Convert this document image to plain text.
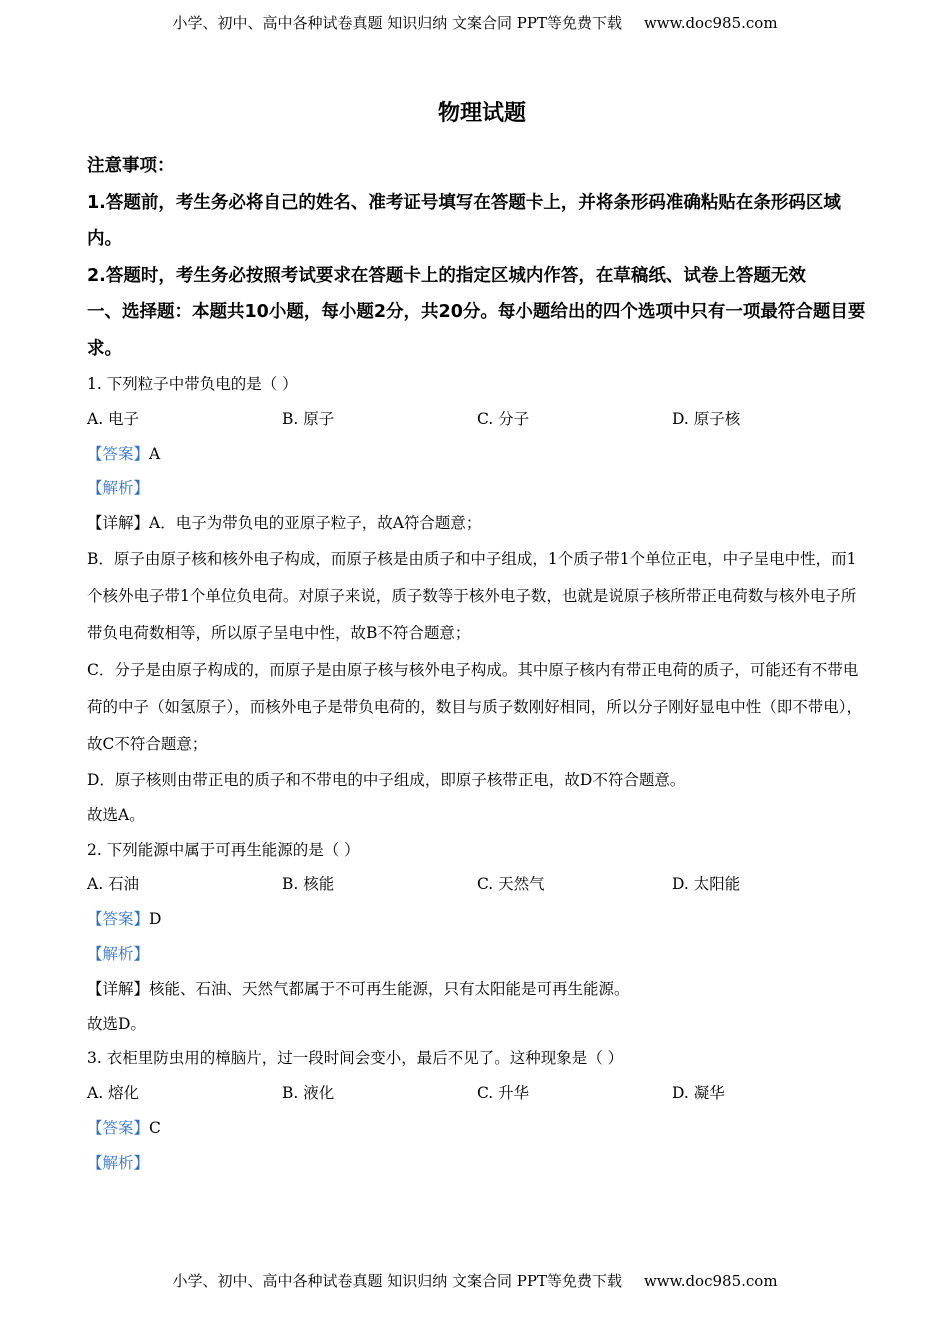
小学、初中、高中各种试卷真题 知识归纳 文案合同 PPT等免费下载 www.doc985.com
物理试题
注意事项：
1.答题前，考生务必将自己的姓名、准考证号填写在答题卡上，并将条形码准确粘贴在条形码区域内。
2.答题时，考生务必按照考试要求在答题卡上的指定区城内作答，在草稿纸、试卷上答题无效
一、选择题：本题共10小题，每小题2分，共20分。每小题给出的四个选项中只有一项最符合题目要求。
1. 下列粒子中带负电的是（ ）
A. 电子	B. 原子	C. 分子	D. 原子核
【答案】A
【解析】
【详解】A．电子为带负电的亚原子粒子，故A符合题意；
B．原子由原子核和核外电子构成，而原子核是由质子和中子组成，1个质子带1个单位正电，中子呈电中性，而1个核外电子带1个单位负电荷。对原子来说，质子数等于核外电子数，也就是说原子核所带正电荷数与核外电子所带负电荷数相等，所以原子呈电中性，故B不符合题意；
C．分子是由原子构成的，而原子是由原子核与核外电子构成。其中原子核内有带正电荷的质子，可能还有不带电荷的中子（如氢原子），而核外电子是带负电荷的，数目与质子数刚好相同，所以分子刚好显电中性（即不带电），故C不符合题意；
D．原子核则由带正电的质子和不带电的中子组成，即原子核带正电，故D不符合题意。
故选A。
2. 下列能源中属于可再生能源的是（ ）
A. 石油	B. 核能	C. 天然气	D. 太阳能
【答案】D
【解析】
【详解】核能、石油、天然气都属于不可再生能源，只有太阳能是可再生能源。
故选D。
3. 衣柜里防虫用的樟脑片，过一段时间会变小，最后不见了。这种现象是（ ）
A. 熔化	B. 液化	C. 升华	D. 凝华
【答案】C
【解析】
小学、初中、高中各种试卷真题 知识归纳 文案合同 PPT等免费下载 www.doc985.com
